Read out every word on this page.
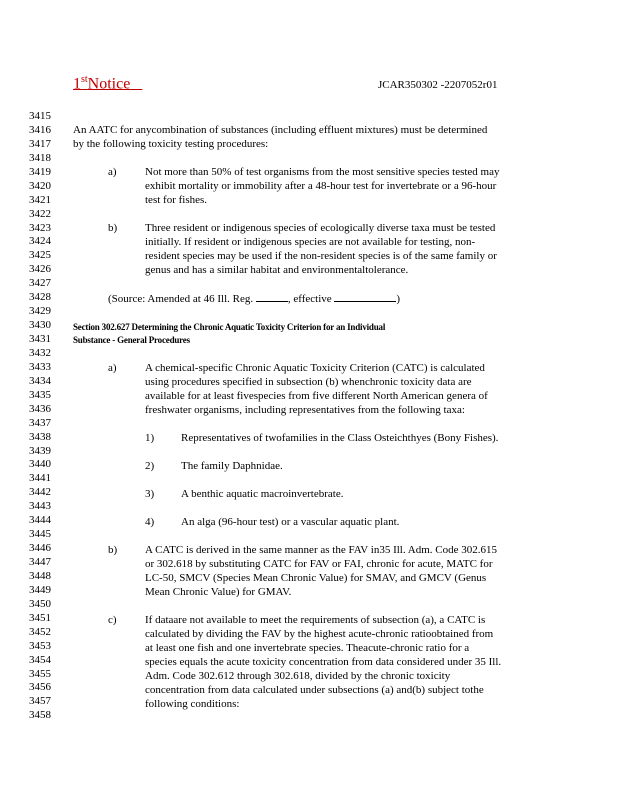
1stNotice	JCAR350302 -2207052r01
3415
3416
3417
3418
3419
3420
3421
3422
3423
3424
3425
3426
3427
3428
3429
3430
3431
3432
3433
3434
3435
3436
3437
3438
3439
3440
3441
3442
3443
3444
3445
3446
3447
3448
3449
3450
3451
3452
3453
3454
3455
3456
3457
3458
An AATC for anycombination of substances (including effluent mixtures) must be determined
by the following toxicity testing procedures:
a)	Not more than 50% of test organisms from the most sensitive species tested may
exhibit mortality or immobility after a 48-hour test for invertebrate or a 96-hour
test for fishes.
b)	Three resident or indigenous species of ecologically diverse taxa must be tested
initially. If resident or indigenous species are not available for testing, non-
resident species may be used if the non-resident species is of the same family or
genus and has a similar habitat and environmentaltolerance.
(Source: Amended at 46 Ill. Reg.	, effective	)
Section 302.627 Determining the Chronic Aquatic Toxicity Criterion for an Individual
Substance - General Procedures
a)	A chemical-specific Chronic Aquatic Toxicity Criterion (CATC) is calculated
using procedures specified in subsection (b) whenchronic toxicity data are
available for at least fivespecies from five different North American genera of
freshwater organisms, including representatives from the following taxa:
1) Representatives of twofamilies in the Class Osteichthyes (Bony Fishes).
2) The family Daphnidae.
3) A benthic aquatic macroinvertebrate.
4) An alga (96-hour test) or a vascular aquatic plant.
b)	A CATC is derived in the same manner as the FAV in35 Ill. Adm. Code 302.615
or 302.618 by substituting CATC for FAV or FAI, chronic for acute, MATC for
LC-50, SMCV (Species Mean Chronic Value) for SMAV, and GMCV (Genus
Mean Chronic Value) for GMAV.
c)	If dataare not available to meet the requirements of subsection (a), a CATC is
calculated by dividing the FAV by the highest acute-chronic ratioobtained from
at least one fish and one invertebrate species. Theacute-chronic ratio for a
species equals the acute toxicity concentration from data considered under 35 Ill.
Adm. Code 302.612 through 302.618, divided by the chronic toxicity
concentration from data calculated under subsections (a) and(b) subject tothe
following conditions:
